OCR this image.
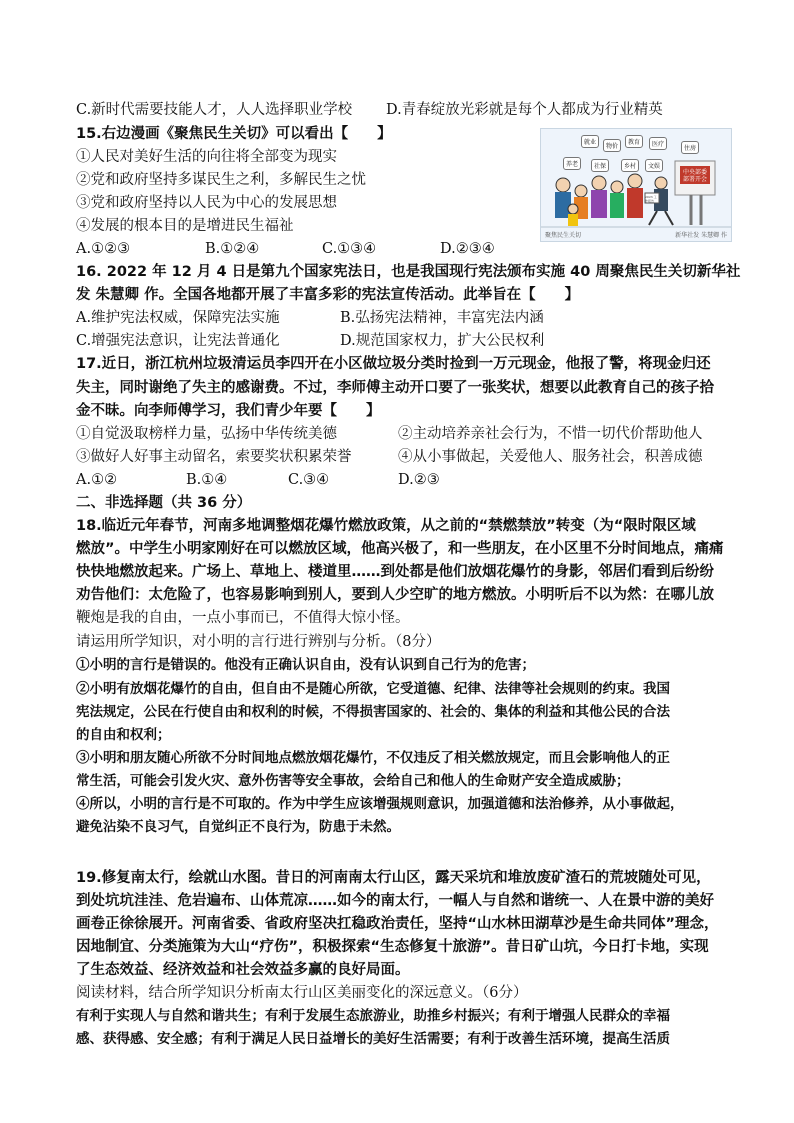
C.新时代需要技能人才，人人选择职业学校 D.青春绽放光彩就是每个人都成为行业精英
15.右边漫画《聚焦民生关切》可以看出【　　】
①人民对美好生活的向往将全部变为现实
②党和政府坚持多谋民生之利，多解民生之忧
③党和政府坚持以人民为中心的发展思想
④发展的根本目的是增进民生福祉
A.①②③	B.①②④	C.①③④	D.②③④
就业	教育	医疗
住房
物价
养老	社保	乡村	文娱
中央部委 部署开会
2023 工作报告
聚焦民生关切	新华社发 朱慧卿 作
16. 2022 年 12 月 4 日是第九个国家宪法日，也是我国现行宪法颁布实施 40 周聚焦民生关切新华社
发 朱慧卿 作。全国各地都开展了丰富多彩的宪法宣传活动。此举旨在【　　】
A.维护宪法权威，保障宪法实施	B.弘扬宪法精神，丰富宪法内涵
C.增强宪法意识，让宪法普通化	D.规范国家权力，扩大公民权利
17.近日，浙江杭州垃圾清运员李四开在小区做垃圾分类时捡到一万元现金，他报了警，将现金归还
失主，同时谢绝了失主的感谢费。不过，李师傅主动开口要了一张奖状，想要以此教育自己的孩子拾
金不昧。向李师傅学习，我们青少年要【　　】
①自觉汲取榜样力量，弘扬中华传统美德	②主动培养亲社会行为，不惜一切代价帮助他人
③做好人好事主动留名，索要奖状积累荣誉	④从小事做起，关爱他人、服务社会，积善成德
A.①②	B.①④	C.③④	D.②③
二、非选择题（共 36 分）
18.临近元年春节，河南多地调整烟花爆竹燃放政策，从之前的“禁燃禁放”转变（为“限时限区域
燃放”。中学生小明家刚好在可以燃放区域，他高兴极了，和一些朋友，在小区里不分时间地点，痛痛
快快地燃放起来。广场上、草地上、楼道里……到处都是他们放烟花爆竹的身影，邻居们看到后纷纷
劝告他们：太危险了，也容易影响到别人，要到人少空旷的地方燃放。小明听后不以为然：在哪儿放
鞭炮是我的自由，一点小事而已，不值得大惊小怪。
请运用所学知识，对小明的言行进行辨别与分析。（8分）
①小明的言行是错误的。他没有正确认识自由，没有认识到自己行为的危害；
②小明有放烟花爆竹的自由，但自由不是随心所欲，它受道德、纪律、法律等社会规则的约束。我国
宪法规定，公民在行使自由和权利的时候，不得损害国家的、社会的、集体的利益和其他公民的合法
的自由和权利；
③小明和朋友随心所欲不分时间地点燃放烟花爆竹，不仅违反了相关燃放规定，而且会影响他人的正
常生活，可能会引发火灾、意外伤害等安全事故，会给自己和他人的生命财产安全造成威胁；
④所以，小明的言行是不可取的。作为中学生应该增强规则意识，加强道德和法治修养，从小事做起，
避免沾染不良习气，自觉纠正不良行为，防患于未然。
19.修复南太行，绘就山水图。昔日的河南南太行山区，露天采坑和堆放废矿渣石的荒坡随处可见，
到处坑坑洼洼、危岩遍布、山体荒凉……如今的南太行，一幅人与自然和谐统一、人在景中游的美好
画卷正徐徐展开。河南省委、省政府坚决扛稳政治责任，坚持“山水林田湖草沙是生命共同体”理念，
因地制宜、分类施策为大山“疗伤”，积极探索“生态修复十旅游”。昔日矿山坑，今日打卡地，实现
了生态效益、经济效益和社会效益多赢的良好局面。
阅读材料，结合所学知识分析南太行山区美丽变化的深远意义。（6分）
有利于实现人与自然和谐共生；有利于发展生态旅游业，助推乡村振兴；有利于增强人民群众的幸福
感、获得感、安全感；有利于满足人民日益增长的美好生活需要；有利于改善生活环境，提高生活质
